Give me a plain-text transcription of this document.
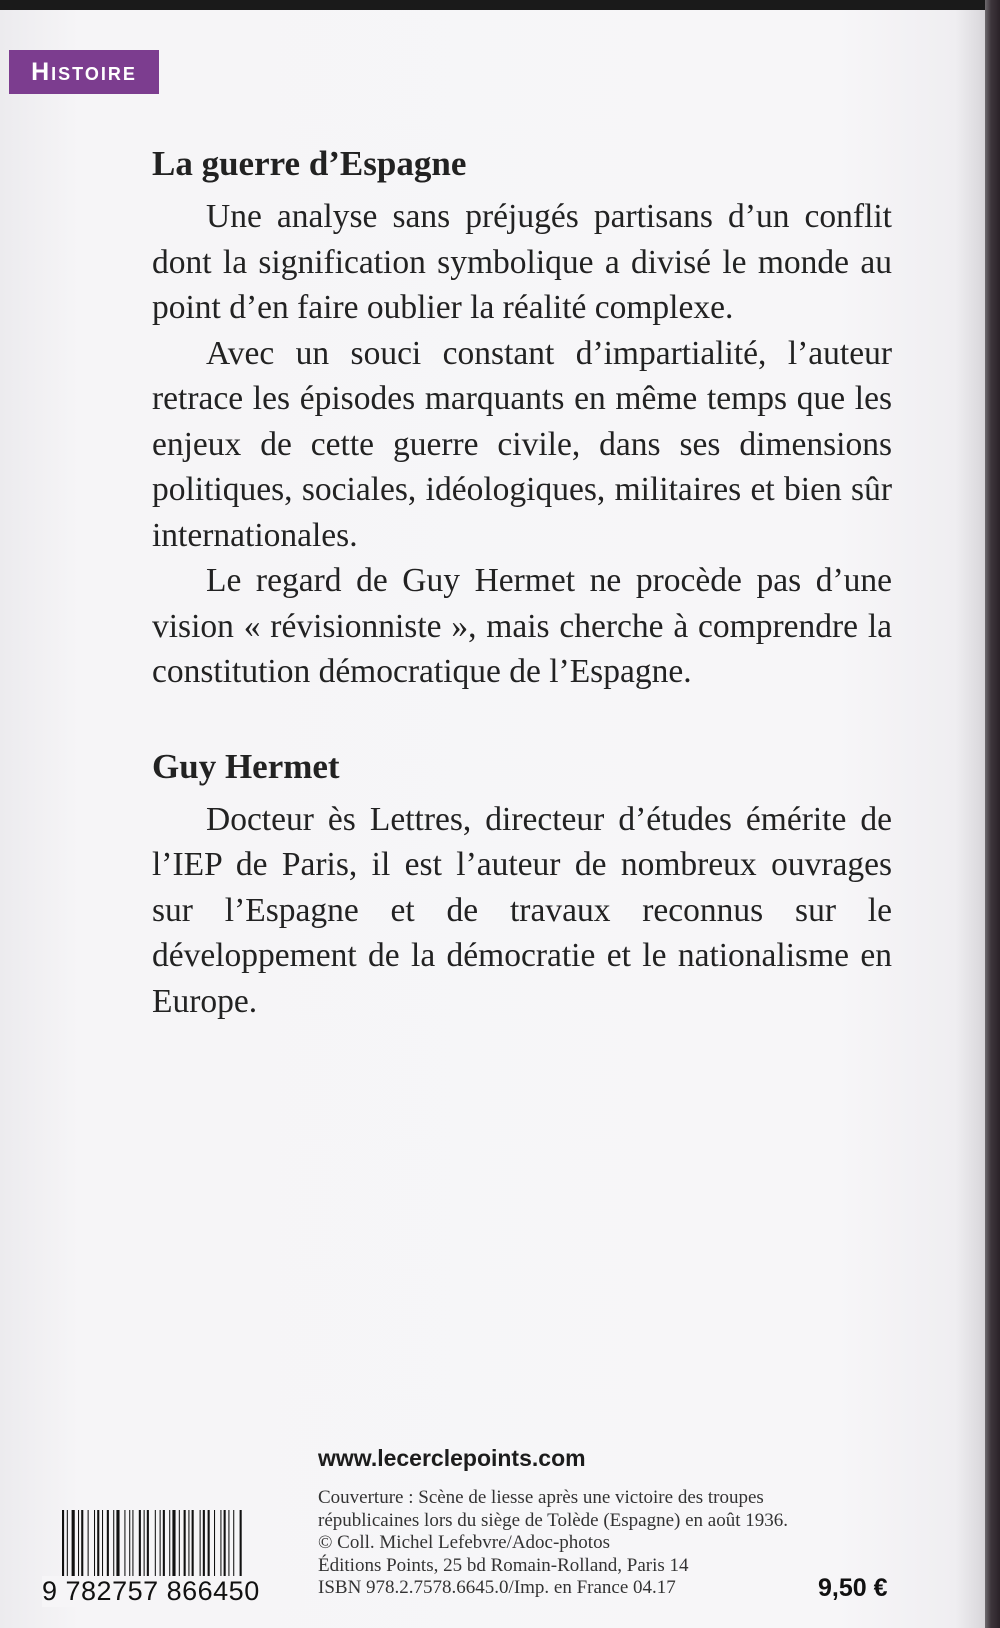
Histoire
La guerre d’Espagne

Une analyse sans préjugés partisans d’un conflit dont la signification symbolique a divisé le monde au point d’en faire oublier la réalité complexe.

Avec un souci constant d’impartialité, l’auteur retrace les épisodes marquants en même temps que les enjeux de cette guerre civile, dans ses dimensions politiques, sociales, idéologiques, militaires et bien sûr internationales.

Le regard de Guy Hermet ne procède pas d’une vision « révisionniste », mais cherche à comprendre la constitution démocratique de l’Espagne.

Guy Hermet

Docteur ès Lettres, directeur d’études émérite de l’IEP de Paris, il est l’auteur de nombreux ouvrages sur l’Espagne et de travaux reconnus sur le développement de la démocratie et le nationalisme en Europe.

www.lecerclepoints.com
9 782757 866450
Couverture : Scène de liesse après une victoire des troupes
républicaines lors du siège de Tolède (Espagne) en août 1936.
© Coll. Michel Lefebvre/Adoc-photos
Éditions Points, 25 bd Romain-Rolland, Paris 14
ISBN 978.2.7578.6645.0/Imp. en France 04.17	9,50 €
